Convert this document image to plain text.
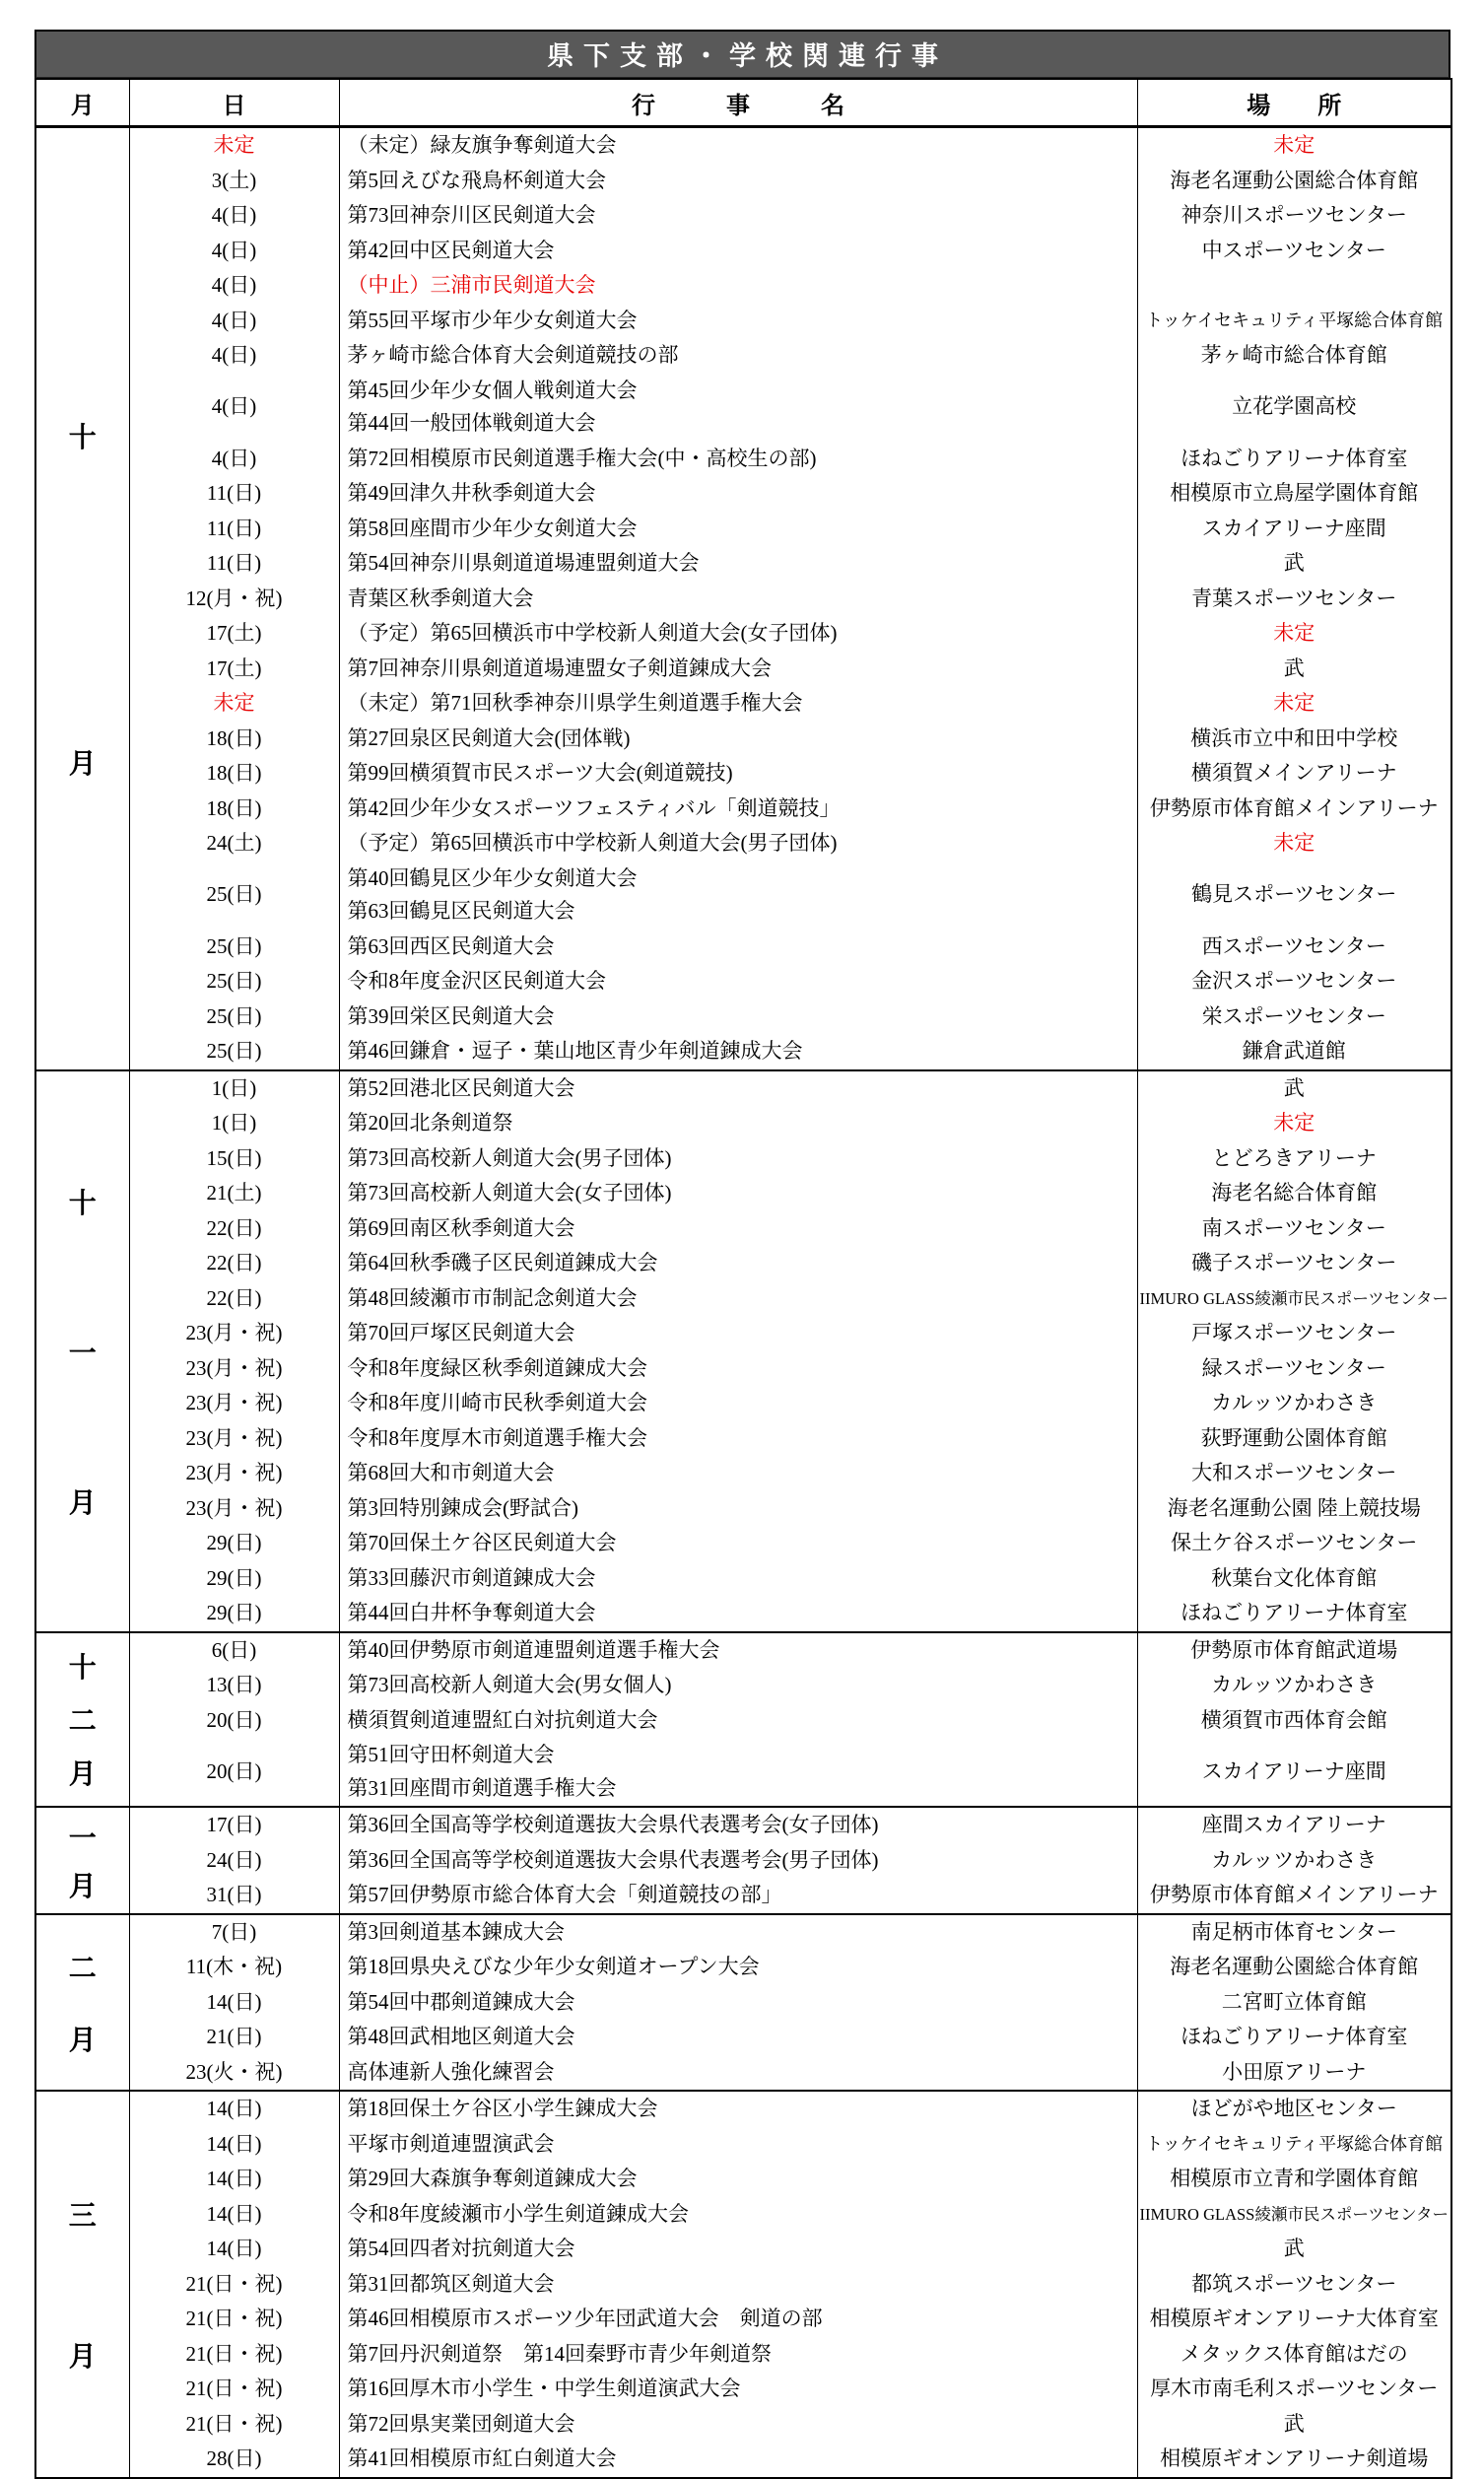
県下支部・学校関連行事
月	日	行　　　事　　　名	場　　所

十
月	未定	（未定）緑友旗争奪剣道大会	未定

	3(土)	第5回えびな飛鳥杯剣道大会	海老名運動公園総合体育館

	4(日)	第73回神奈川区民剣道大会	神奈川スポーツセンター

	4(日)	第42回中区民剣道大会	中スポーツセンター

	4(日)	（中止）三浦市民剣道大会	

	4(日)	第55回平塚市少年少女剣道大会	トッケイセキュリティ平塚総合体育館

	4(日)	茅ヶ崎市総合体育大会剣道競技の部	茅ヶ崎市総合体育館

	4(日)	第45回少年少女個人戦剣道大会
第44回一般団体戦剣道大会	立花学園高校

	4(日)	第72回相模原市民剣道選手権大会(中・高校生の部)	ほねごりアリーナ体育室

	11(日)	第49回津久井秋季剣道大会	相模原市立鳥屋学園体育館

	11(日)	第58回座間市少年少女剣道大会	スカイアリーナ座間

	11(日)	第54回神奈川県剣道道場連盟剣道大会	武

	12(月・祝)	青葉区秋季剣道大会	青葉スポーツセンター

	17(土)	（予定）第65回横浜市中学校新人剣道大会(女子団体)	未定

	17(土)	第7回神奈川県剣道道場連盟女子剣道錬成大会	武

	未定	（未定）第71回秋季神奈川県学生剣道選手権大会	未定

	18(日)	第27回泉区民剣道大会(団体戦)	横浜市立中和田中学校

	18(日)	第99回横須賀市民スポーツ大会(剣道競技)	横須賀メインアリーナ

	18(日)	第42回少年少女スポーツフェスティバル「剣道競技」	伊勢原市体育館メインアリーナ

	24(土)	（予定）第65回横浜市中学校新人剣道大会(男子団体)	未定

	25(日)	第40回鶴見区少年少女剣道大会
第63回鶴見区民剣道大会	鶴見スポーツセンター

	25(日)	第63回西区民剣道大会	西スポーツセンター

	25(日)	令和8年度金沢区民剣道大会	金沢スポーツセンター

	25(日)	第39回栄区民剣道大会	栄スポーツセンター

	25(日)	第46回鎌倉・逗子・葉山地区青少年剣道錬成大会	鎌倉武道館

十
一
月	1(日)	第52回港北区民剣道大会	武

	1(日)	第20回北条剣道祭	未定

	15(日)	第73回高校新人剣道大会(男子団体)	とどろきアリーナ

	21(土)	第73回高校新人剣道大会(女子団体)	海老名総合体育館

	22(日)	第69回南区秋季剣道大会	南スポーツセンター

	22(日)	第64回秋季磯子区民剣道錬成大会	磯子スポーツセンター

	22(日)	第48回綾瀬市市制記念剣道大会	IIMURO GLASS綾瀬市民スポーツセンター

	23(月・祝)	第70回戸塚区民剣道大会	戸塚スポーツセンター

	23(月・祝)	令和8年度緑区秋季剣道錬成大会	緑スポーツセンター

	23(月・祝)	令和8年度川崎市民秋季剣道大会	カルッツかわさき

	23(月・祝)	令和8年度厚木市剣道選手権大会	荻野運動公園体育館

	23(月・祝)	第68回大和市剣道大会	大和スポーツセンター

	23(月・祝)	第3回特別錬成会(野試合)	海老名運動公園 陸上競技場

	29(日)	第70回保土ケ谷区民剣道大会	保土ケ谷スポーツセンター

	29(日)	第33回藤沢市剣道錬成大会	秋葉台文化体育館

	29(日)	第44回白井杯争奪剣道大会	ほねごりアリーナ体育室

十
二
月	6(日)	第40回伊勢原市剣道連盟剣道選手権大会	伊勢原市体育館武道場

	13(日)	第73回高校新人剣道大会(男女個人)	カルッツかわさき

	20(日)	横須賀剣道連盟紅白対抗剣道大会	横須賀市西体育会館

	20(日)	第51回守田杯剣道大会
第31回座間市剣道選手権大会	スカイアリーナ座間

一
月	17(日)	第36回全国高等学校剣道選抜大会県代表選考会(女子団体)	座間スカイアリーナ

	24(日)	第36回全国高等学校剣道選抜大会県代表選考会(男子団体)	カルッツかわさき

	31(日)	第57回伊勢原市総合体育大会「剣道競技の部」	伊勢原市体育館メインアリーナ

二
月	7(日)	第3回剣道基本錬成大会	南足柄市体育センター

	11(木・祝)	第18回県央えびな少年少女剣道オープン大会	海老名運動公園総合体育館

	14(日)	第54回中郡剣道錬成大会	二宮町立体育館

	21(日)	第48回武相地区剣道大会	ほねごりアリーナ体育室

	23(火・祝)	高体連新人強化練習会	小田原アリーナ

三
月	14(日)	第18回保土ケ谷区小学生錬成大会	ほどがや地区センター

	14(日)	平塚市剣道連盟演武会	トッケイセキュリティ平塚総合体育館

	14(日)	第29回大森旗争奪剣道錬成大会	相模原市立青和学園体育館

	14(日)	令和8年度綾瀬市小学生剣道錬成大会	IIMURO GLASS綾瀬市民スポーツセンター

	14(日)	第54回四者対抗剣道大会	武

	21(日・祝)	第31回都筑区剣道大会	都筑スポーツセンター

	21(日・祝)	第46回相模原市スポーツ少年団武道大会　剣道の部	相模原ギオンアリーナ大体育室

	21(日・祝)	第7回丹沢剣道祭　第14回秦野市青少年剣道祭	メタックス体育館はだの

	21(日・祝)	第16回厚木市小学生・中学生剣道演武大会	厚木市南毛利スポーツセンター

	21(日・祝)	第72回県実業団剣道大会	武

	28(日)	第41回相模原市紅白剣道大会	相模原ギオンアリーナ剣道場
